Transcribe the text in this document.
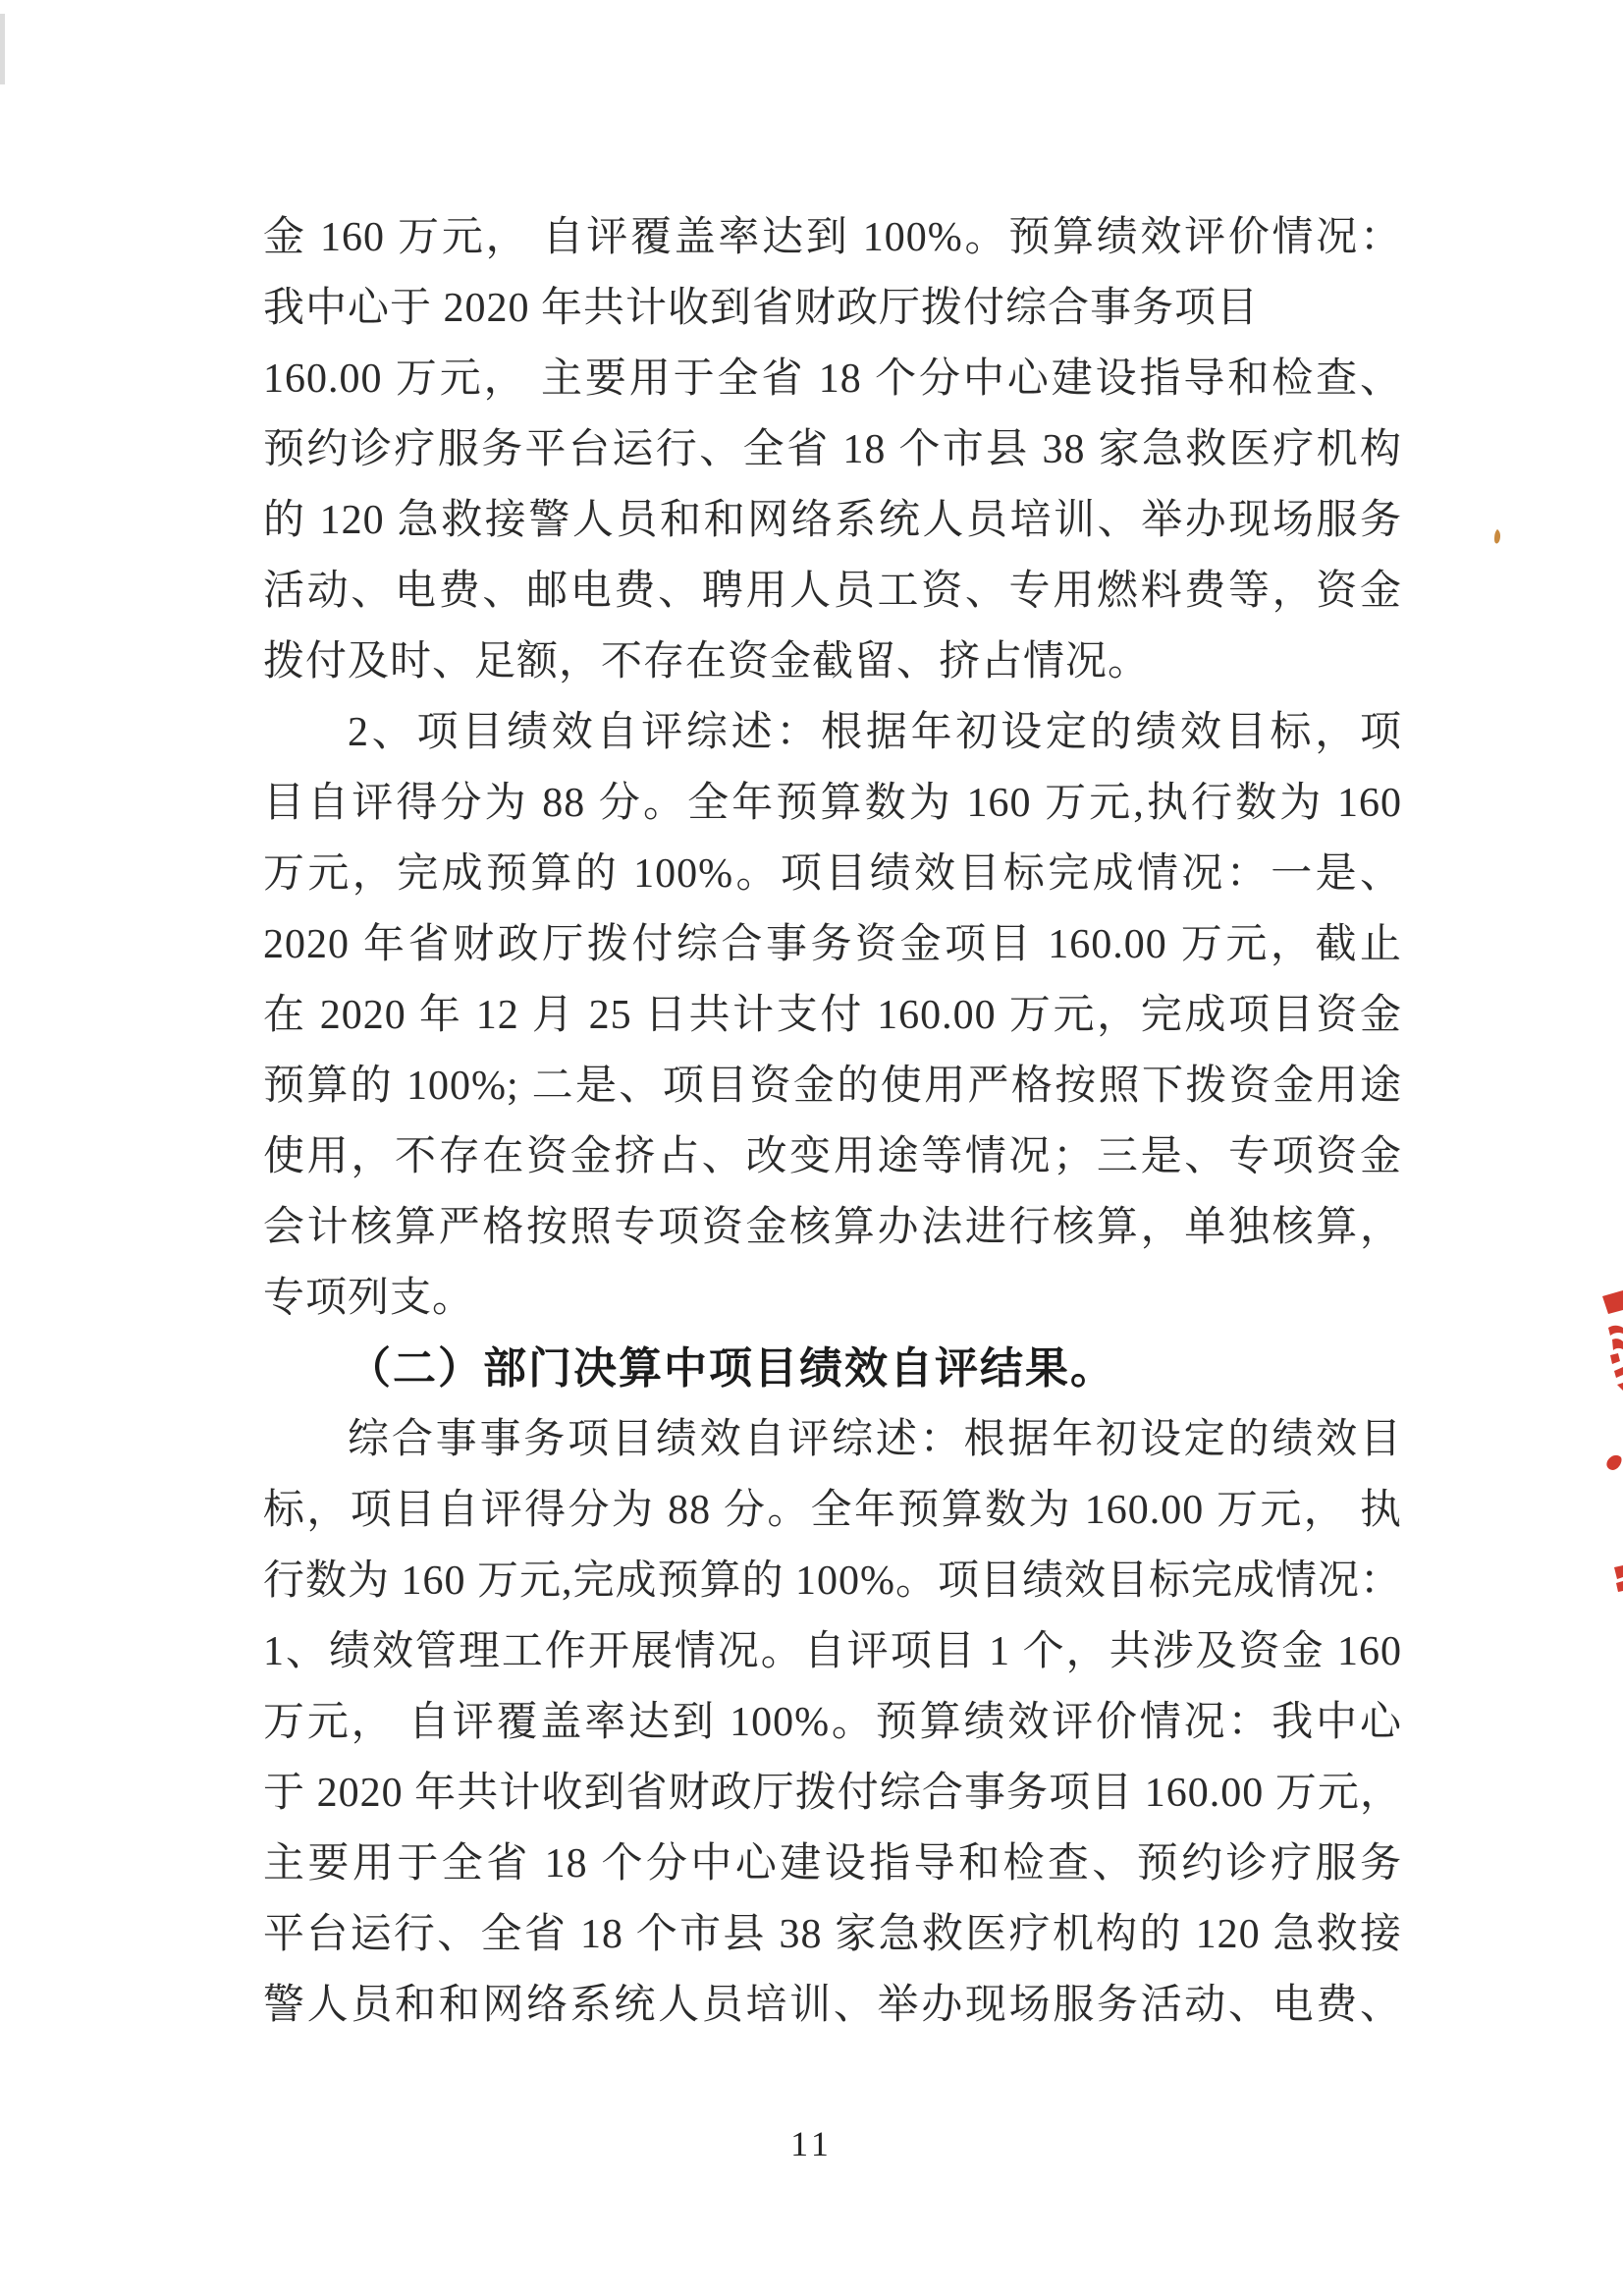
金 160 万元， 自评覆盖率达到 100%。预算绩效评价情况：
我中心于 2020 年共计收到省财政厅拨付综合事务项目
160.00 万元， 主要用于全省 18 个分中心建设指导和检查、
预约诊疗服务平台运行、全省 18 个市县 38 家急救医疗机构
的 120 急救接警人员和和网络系统人员培训、举办现场服务
活动、电费、邮电费、聘用人员工资、专用燃料费等，资金
拨付及时、足额，不存在资金截留、挤占情况。
2、项目绩效自评综述：根据年初设定的绩效目标，项
目自评得分为 88 分。全年预算数为 160 万元,执行数为 160
万元，完成预算的 100%。项目绩效目标完成情况：一是、
2020 年省财政厅拨付综合事务资金项目 160.00 万元，截止
在 2020 年 12 月 25 日共计支付 160.00 万元，完成项目资金
预算的 100%; 二是、项目资金的使用严格按照下拨资金用途
使用，不存在资金挤占、改变用途等情况；三是、专项资金
会计核算严格按照专项资金核算办法进行核算，单独核算，
专项列支。
（二）部门决算中项目绩效自评结果。
综合事事务项目绩效自评综述：根据年初设定的绩效目
标，项目自评得分为 88 分。全年预算数为 160.00 万元， 执
行数为 160 万元,完成预算的 100%。项目绩效目标完成情况：
1、绩效管理工作开展情况。自评项目 1 个，共涉及资金 160
万元， 自评覆盖率达到 100%。预算绩效评价情况：我中心
于 2020 年共计收到省财政厅拨付综合事务项目 160.00 万元，
主要用于全省 18 个分中心建设指导和检查、预约诊疗服务
平台运行、全省 18 个市县 38 家急救医疗机构的 120 急救接
警人员和和网络系统人员培训、举办现场服务活动、电费、
11
